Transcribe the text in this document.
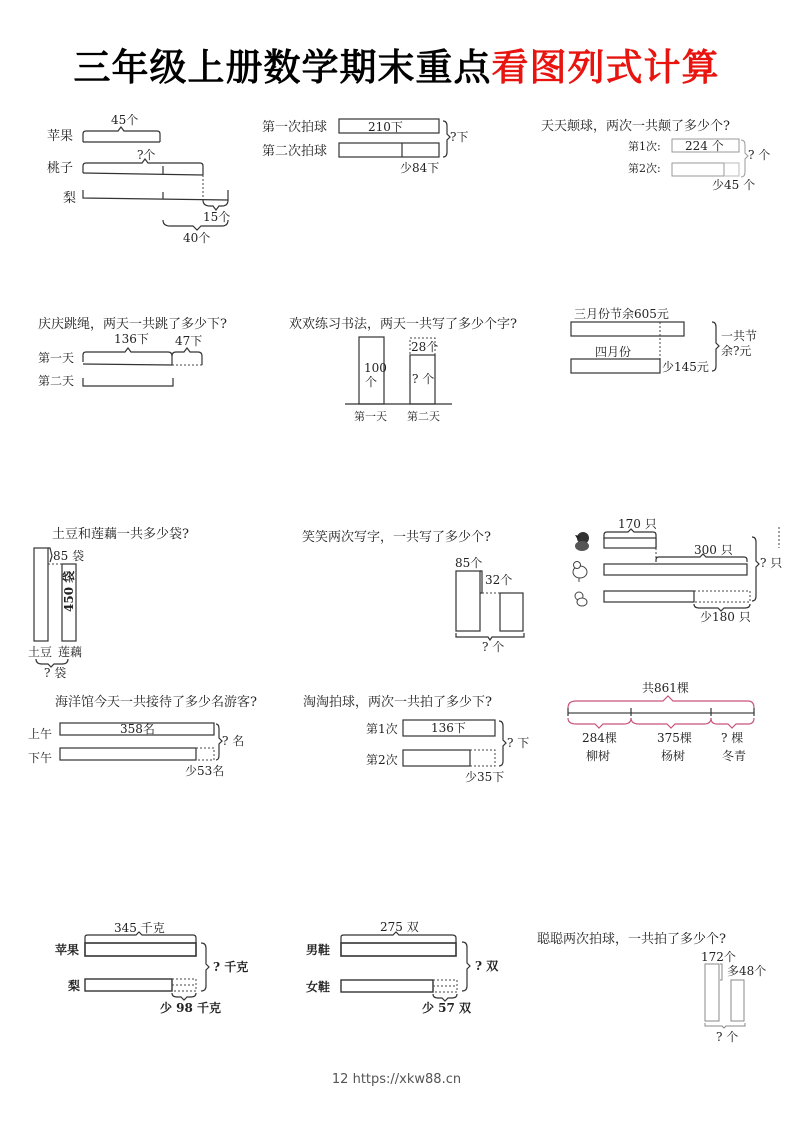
三年级上册数学期末重点看图列式计算
苹果
桃子
梨
45个
?个
15个
40个
第一次拍球
第二次拍球
210下
?下
少84下
天天颠球，两次一共颠了多少个?
第1次:
第2次:
224 个
? 个
少45 个
庆庆跳绳，两天一共跳了多少下?
第一天
第二天
136下 47下
欢欢练习书法，两天一共写了多少个字?
100
个
28个
? 个
第一天 第二天
三月份节余605元
四月份
少145元
一共节
余?元
土豆和莲藕一共多少袋?
85 袋
450 袋
土豆 莲藕
? 袋
笑笑两次写字，一共写了多少个?
85个
32个
? 个
170 只
300 只
少180 只
? 只
海洋馆今天一共接待了多少名游客?
上午
下午
358名
? 名
少53名
淘淘拍球，两次一共拍了多少下?
第1次
第2次
136下
? 下
少35下
共861棵
284棵
柳树
375棵
杨树
? 棵
冬青
345 千克
苹果
梨
少 98 千克
? 千克
275 双
男鞋
女鞋
少 57 双
? 双
聪聪两次拍球，一共拍了多少个?
172个
多48个
? 个
12 https://xkw88.cn
